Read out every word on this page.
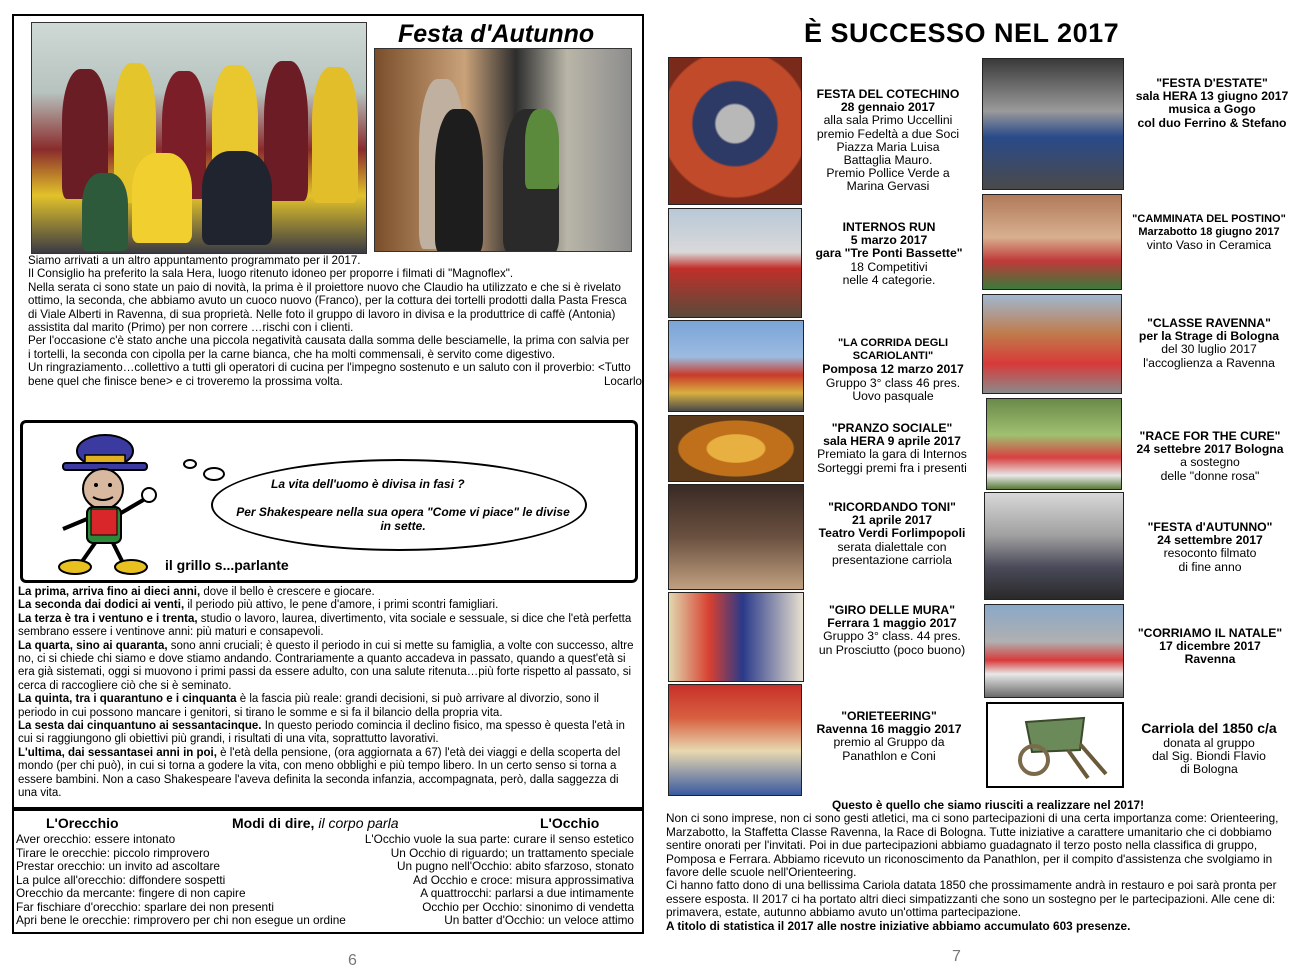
Festa d'Autunno

Siamo arrivati a un altro appuntamento programmato per il 2017.

Il Consiglio ha preferito la sala Hera, luogo ritenuto idoneo per proporre i filmati di "Magnoflex".

Nella serata ci sono state un paio di novità, la prima è il proiettore nuovo che Claudio ha utilizzato e che si è rivelato ottimo, la seconda, che abbiamo avuto un cuoco nuovo (Franco), per la cottura dei tortelli prodotti dalla Pasta Fresca di Viale Alberti in Ravenna, di sua proprietà. Nelle foto il gruppo di lavoro in divisa e la produttrice di caffè (Antonia) assistita dal marito (Primo) per non correre …rischi con i clienti.

Per l'occasione c'è stato anche una piccola negatività causata dalla somma delle besciamelle, la prima con salvia per i tortelli, la seconda con cipolla per la carne bianca, che ha molti commensali, è servito come digestivo.

Un ringraziamento…collettivo a tutti gli operatori di cucina per l'impegno sostenuto e un saluto con il proverbio: <Tutto bene quel che finisce bene> e ci troveremo la prossima volta.	Locarlo
La vita dell'uomo è divisa in fasi ?
Per Shakespeare nella sua opera "Come vi piace" le divise in sette.
il grillo s...parlante

La prima, arriva fino ai dieci anni, dove il bello è crescere e giocare.

La seconda dai dodici ai venti, il periodo più attivo, le pene d'amore, i primi scontri famigliari.

La terza è tra i ventuno e i trenta, studio o lavoro, laurea, divertimento, vita sociale e sessuale, si dice che l'età perfetta sembrano essere i ventinove anni: più maturi e consapevoli.

La quarta, sino ai quaranta, sono anni cruciali; è questo il periodo in cui si mette su famiglia, a volte con successo, altre no, ci si chiede chi siamo e dove stiamo andando. Contrariamente a quanto accadeva in passato, quando a quest'età si era già sistemati, oggi si muovono i primi passi da essere adulto, con una salute ritenuta…più forte rispetto al passato, si cerca di raccogliere ciò che si è seminato.

La quinta, tra i quarantuno e i cinquanta è la fascia più reale: grandi decisioni, si può arrivare al divorzio, sono il periodo in cui possono mancare i genitori, si tirano le somme e si fa il bilancio della propria vita.

La sesta dai cinquantuno ai sessantacinque. In questo periodo comincia il declino fisico, ma spesso è questa l'età in cui si raggiungono gli obiettivi più grandi, i risultati di una vita, soprattutto lavorativi.

L'ultima, dai sessantasei anni in poi, è l'età della pensione, (ora aggiornata a 67) l'età dei viaggi e della scoperta del mondo (per chi può), in cui si torna a godere la vita, con meno obblighi e più tempo libero. In un certo senso si torna a essere bambini. Non a caso Shakespeare l'aveva definita la seconda infanzia, accompagnata, però, dalla saggezza di una vita.

L'Orecchio	Modi di dire, il corpo parla	L'Occhio
Aver orecchio: essere intonato
Tirare le orecchie: piccolo rimprovero
Prestar orecchio: un invito ad ascoltare
La pulce all'orecchio: diffondere sospetti
Orecchio da mercante: fingere di non capire
Far fischiare d'orecchio: sparlare dei non presenti
Apri bene le orecchie: rimprovero per chi non esegue un ordine
L'Occhio vuole la sua parte: curare il senso estetico
Un Occhio di riguardo; un trattamento speciale
Un pugno nell'Occhio: abito sfarzoso, stonato
Ad Occhio e croce: misura approssimativa
A quattrocchi: parlarsi a due intimamente
Occhio per Occhio: sinonimo di vendetta
Un batter d'Occhio: un veloce attimo
6
È SUCCESSO NEL 2017
FESTA DEL COTECHINO
28 gennaio 2017
alla sala Primo Uccellini
premio Fedeltà a due Soci
Piazza Maria Luisa
Battaglia Mauro.
Premio Pollice Verde a
Marina Gervasi
INTERNOS RUN
5 marzo 2017
gara "Tre Ponti Bassette"
18 Competitivi
nelle 4 categorie.
"LA CORRIDA DEGLI SCARIOLANTI"
Pomposa 12 marzo 2017
Gruppo 3° class 46 pres.
Uovo pasquale
"PRANZO SOCIALE"
sala HERA 9 aprile 2017
Premiato la gara di Internos
Sorteggi premi fra i presenti
"RICORDANDO TONI"
21 aprile 2017
Teatro Verdi Forlimpopoli
serata dialettale con
presentazione carriola
"GIRO DELLE MURA"
Ferrara 1 maggio 2017
Gruppo 3° class. 44 pres.
un Prosciutto (poco buono)
"ORIETEERING"
Ravenna 16 maggio 2017
premio al Gruppo da
Panathlon e Coni
"FESTA D'ESTATE"
sala HERA 13 giugno 2017
musica a Gogo
col duo Ferrino & Stefano
"CAMMINATA DEL POSTINO"
Marzabotto 18 giugno 2017
vinto Vaso in Ceramica
"CLASSE RAVENNA"
per la Strage di Bologna
del 30 luglio 2017
l'accoglienza a Ravenna
"RACE FOR THE CURE"
24 settebre 2017 Bologna
a sostegno
delle "donne rosa"
"FESTA d'AUTUNNO"
24 settembre 2017
resoconto filmato
di fine anno
"CORRIAMO IL NATALE"
17 dicembre 2017
Ravenna
Carriola del 1850 c/a
donata al gruppo
dal Sig. Biondi Flavio
di Bologna
Questo è quello che siamo riusciti a realizzare nel 2017!
Non ci sono imprese, non ci sono gesti atletici, ma ci sono partecipazioni di una certa importanza come: Orienteering, Marzabotto, la Staffetta Classe Ravenna, la Race di Bologna. Tutte iniziative a carattere umanitario che ci dobbiamo sentire onorati per l'invitati. Poi in due partecipazioni abbiamo guadagnato il terzo posto nella classifica di gruppo, Pomposa e Ferrara. Abbiamo ricevuto un riconoscimento da Panathlon, per il compito d'assistenza che svolgiamo in favore delle scuole nell'Orienteering.
Ci hanno fatto dono di una bellissima Cariola datata 1850 che prossimamente andrà in restauro e poi sarà pronta per essere esposta. Il 2017 ci ha portato altri dieci simpatizzanti che sono un sostegno per le partecipazioni. Alle cene di: primavera, estate, autunno abbiamo avuto un'ottima partecipazione.
A titolo di statistica il 2017 alle nostre iniziative abbiamo accumulato 603 presenze.
7
